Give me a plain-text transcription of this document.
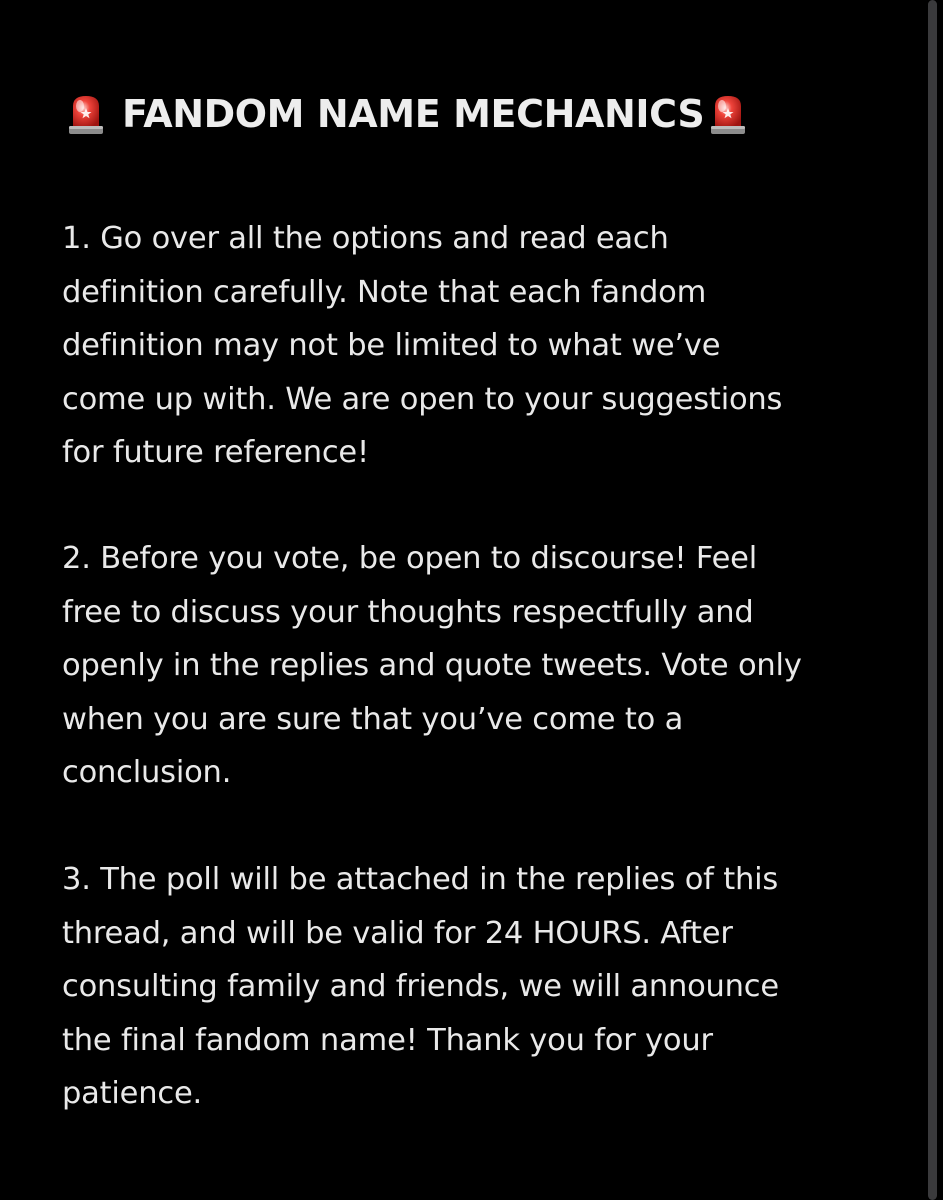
FANDOM NAME MECHANICS

1. Go over all the options and read each
definition carefully. Note that each fandom
definition may not be limited to what we’ve
come up with. We are open to your suggestions
for future reference!

2. Before you vote, be open to discourse! Feel
free to discuss your thoughts respectfully and
openly in the replies and quote tweets. Vote only
when you are sure that you’ve come to a
conclusion.

3. The poll will be attached in the replies of this
thread, and will be valid for 24 HOURS. After
consulting family and friends, we will announce
the final fandom name! Thank you for your
patience.
